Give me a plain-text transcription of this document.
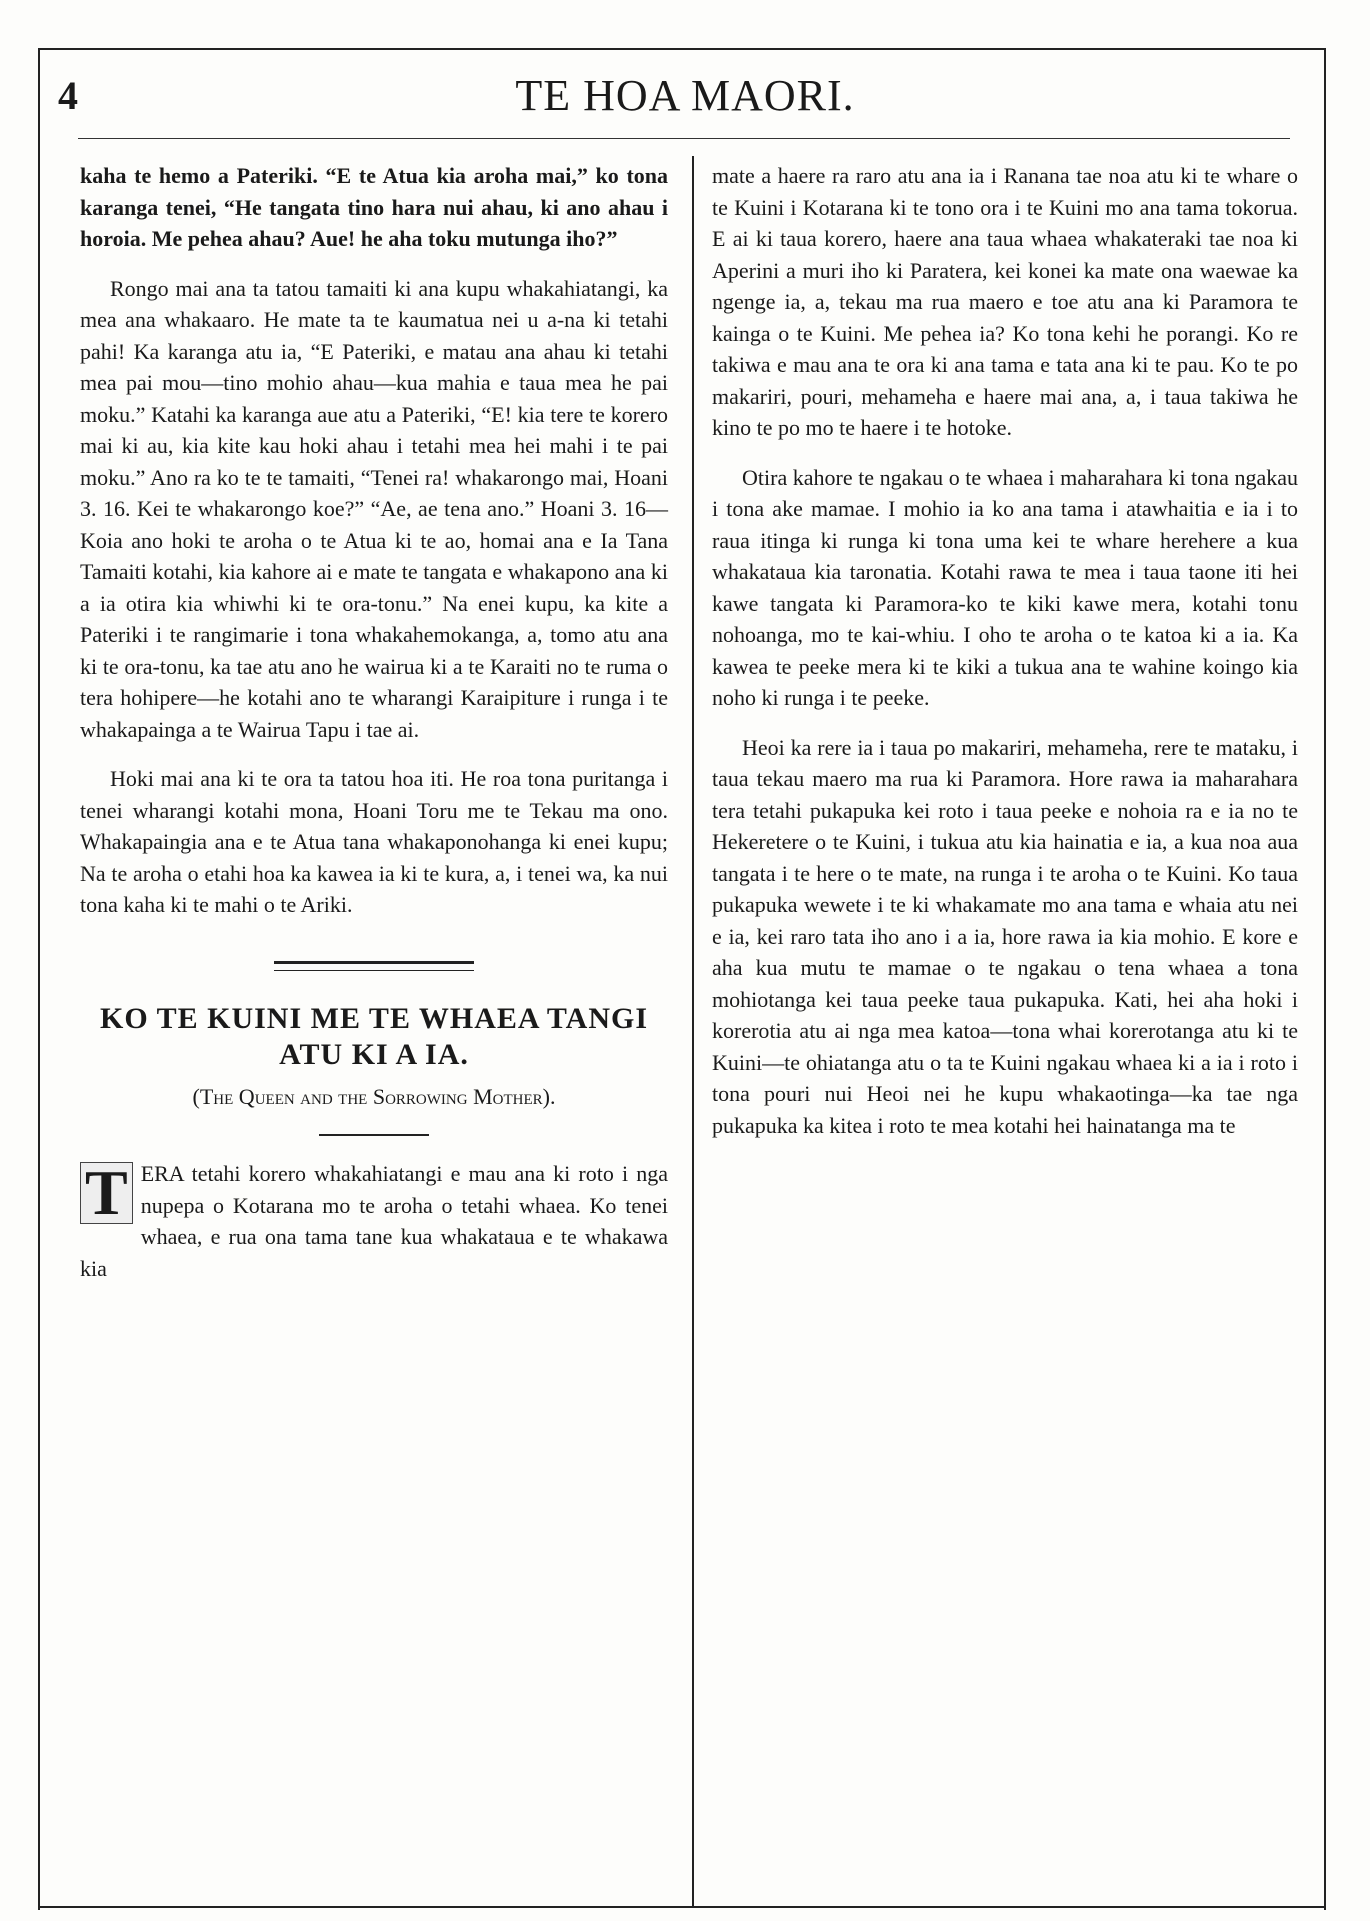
4	TE HOA MAORI.

kaha te hemo a Pateriki. “E te Atua kia aroha mai,” ko tona karanga tenei, “He tangata tino hara nui ahau, ki ano ahau i horoia. Me pehea ahau? Aue! he aha toku mutunga iho?”

Rongo mai ana ta tatou tamaiti ki ana kupu whakahiatangi, ka mea ana whakaaro. He mate ta te kaumatua nei u a-na ki tetahi pahi! Ka karanga atu ia, “E Pateriki, e matau ana ahau ki tetahi mea pai mou—tino mohio ahau—kua mahia e taua mea he pai moku.” Katahi ka karanga aue atu a Pateriki, “E! kia tere te korero mai ki au, kia kite kau hoki ahau i tetahi mea hei mahi i te pai moku.” Ano ra ko te te tamaiti, “Tenei ra! whakarongo mai, Hoani 3. 16. Kei te whakarongo koe?” “Ae, ae tena ano.” Hoani 3. 16—Koia ano hoki te aroha o te Atua ki te ao, homai ana e Ia Tana Tamaiti kotahi, kia kahore ai e mate te tangata e whakapono ana ki a ia otira kia whiwhi ki te ora-tonu.” Na enei kupu, ka kite a Pateriki i te rangimarie i tona whakahemokanga, a, tomo atu ana ki te ora-tonu, ka tae atu ano he wairua ki a te Karaiti no te ruma o tera hohipere—he kotahi ano te wharangi Karaipiture i runga i te whakapainga a te Wairua Tapu i tae ai.

Hoki mai ana ki te ora ta tatou hoa iti. He roa tona puritanga i tenei wharangi kotahi mona, Hoani Toru me te Tekau ma ono. Whakapaingia ana e te Atua tana whakaponohanga ki enei kupu; Na te aroha o etahi hoa ka kawea ia ki te kura, a, i tenei wa, ka nui tona kaha ki te mahi o te Ariki.

KO TE KUINI ME TE WHAEA TANGI ATU KI A IA.
(The Queen and the Sorrowing Mother).

T ERA tetahi korero whakahiatangi e mau ana ki roto i nga nupepa o Kotarana mo te aroha o tetahi whaea. Ko tenei whaea, e rua ona tama tane kua whakataua e te whakawa kia

mate a haere ra raro atu ana ia i Ranana tae noa atu ki te whare o te Kuini i Kotarana ki te tono ora i te Kuini mo ana tama tokorua. E ai ki taua korero, haere ana taua whaea whakateraki tae noa ki Aperini a muri iho ki Paratera, kei konei ka mate ona waewae ka ngenge ia, a, tekau ma rua maero e toe atu ana ki Paramora te kainga o te Kuini. Me pehea ia? Ko tona kehi he porangi. Ko re takiwa e mau ana te ora ki ana tama e tata ana ki te pau. Ko te po makariri, pouri, mehameha e haere mai ana, a, i taua takiwa he kino te po mo te haere i te hotoke.

Otira kahore te ngakau o te whaea i maharahara ki tona ngakau i tona ake mamae. I mohio ia ko ana tama i atawhaitia e ia i to raua itinga ki runga ki tona uma kei te whare herehere a kua whakataua kia taronatia. Kotahi rawa te mea i taua taone iti hei kawe tangata ki Paramora-ko te kiki kawe mera, kotahi tonu nohoanga, mo te kai-whiu. I oho te aroha o te katoa ki a ia. Ka kawea te peeke mera ki te kiki a tukua ana te wahine koingo kia noho ki runga i te peeke.

Heoi ka rere ia i taua po makariri, mehameha, rere te mataku, i taua tekau maero ma rua ki Paramora. Hore rawa ia maharahara tera tetahi pukapuka kei roto i taua peeke e nohoia ra e ia no te Hekeretere o te Kuini, i tukua atu kia hainatia e ia, a kua noa aua tangata i te here o te mate, na runga i te aroha o te Kuini. Ko taua pukapuka wewete i te ki whakamate mo ana tama e whaia atu nei e ia, kei raro tata iho ano i a ia, hore rawa ia kia mohio. E kore e aha kua mutu te mamae o te ngakau o tena whaea a tona mohiotanga kei taua peeke taua pukapuka. Kati, hei aha hoki i korerotia atu ai nga mea katoa—tona whai korerotanga atu ki te Kuini—te ohiatanga atu o ta te Kuini ngakau whaea ki a ia i roto i tona pouri nui Heoi nei he kupu whakaotinga—ka tae nga pukapuka ka kitea i roto te mea kotahi hei hainatanga ma te
